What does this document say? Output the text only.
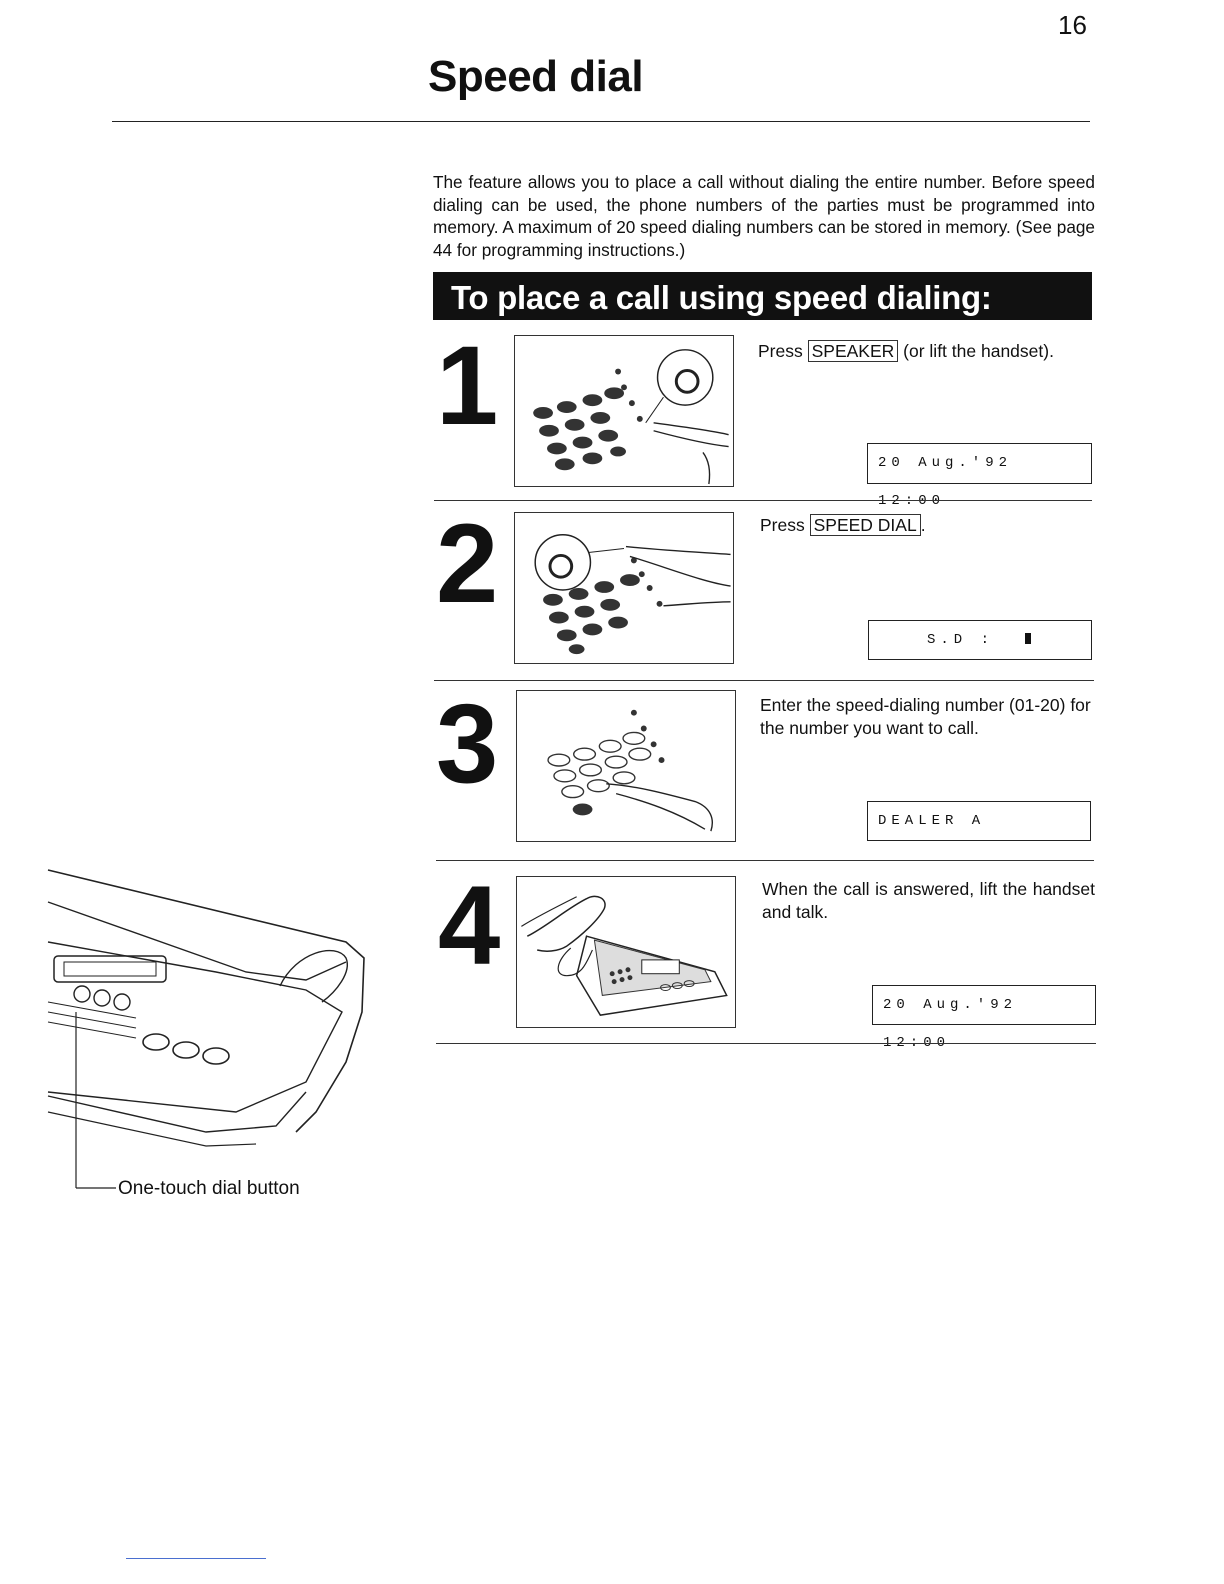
16
Speed dial
The feature allows you to place a call without dialing the entire number. Before speed dialing can be used, the phone numbers of the parties must be programmed into memory. A maximum of 20 speed dialing numbers can be stored in memory. (See page 44 for programming instructions.)
To place a call using speed dialing:
1	Press SPEAKER (or lift the handset).
20 Aug.'92 12:00
2	Press SPEED DIAL .
S.D :
3	Enter the speed-dialing number (01-20) for the number you want to call.
DEALER A
4	When the call is answered, lift the handset and talk.
20 Aug.'92 12:00
One-touch dial button
